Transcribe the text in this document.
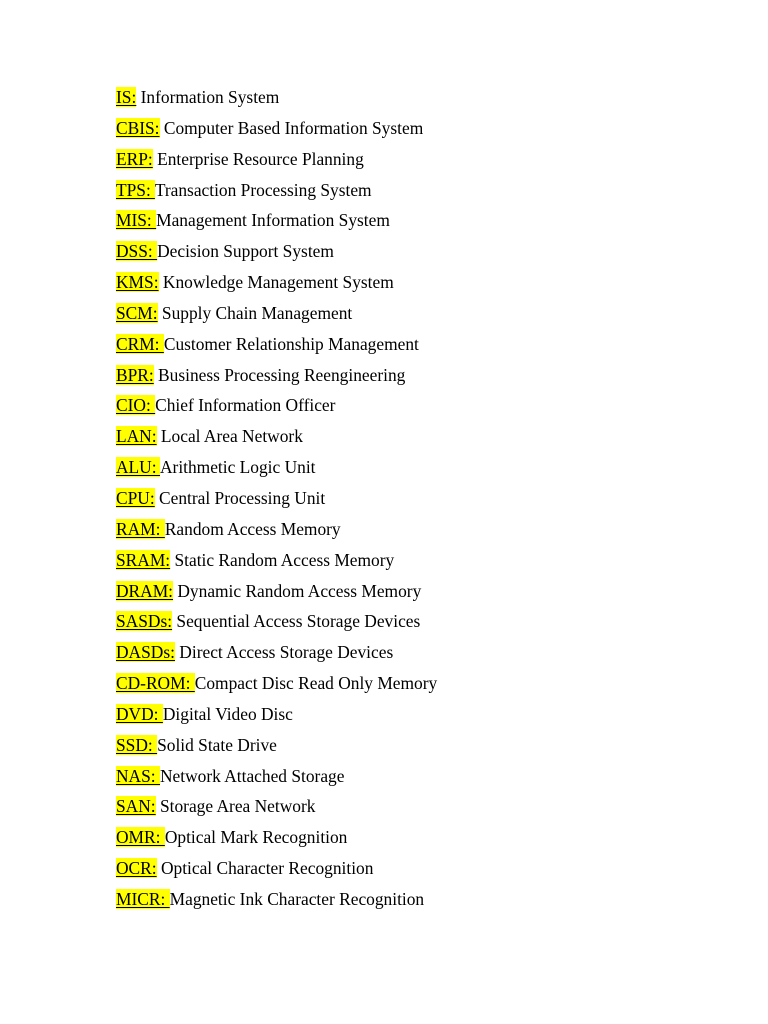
IS: Information System
CBIS: Computer Based Information System
ERP: Enterprise Resource Planning
TPS: Transaction Processing System
MIS: Management Information System
DSS: Decision Support System
KMS: Knowledge Management System
SCM: Supply Chain Management
CRM: Customer Relationship Management
BPR: Business Processing Reengineering
CIO: Chief Information Officer
LAN: Local Area Network
ALU: Arithmetic Logic Unit
CPU: Central Processing Unit
RAM: Random Access Memory
SRAM: Static Random Access Memory
DRAM: Dynamic Random Access Memory
SASDs: Sequential Access Storage Devices
DASDs: Direct Access Storage Devices
CD-ROM: Compact Disc Read Only Memory
DVD: Digital Video Disc
SSD: Solid State Drive
NAS: Network Attached Storage
SAN: Storage Area Network
OMR: Optical Mark Recognition
OCR: Optical Character Recognition
MICR: Magnetic Ink Character Recognition
